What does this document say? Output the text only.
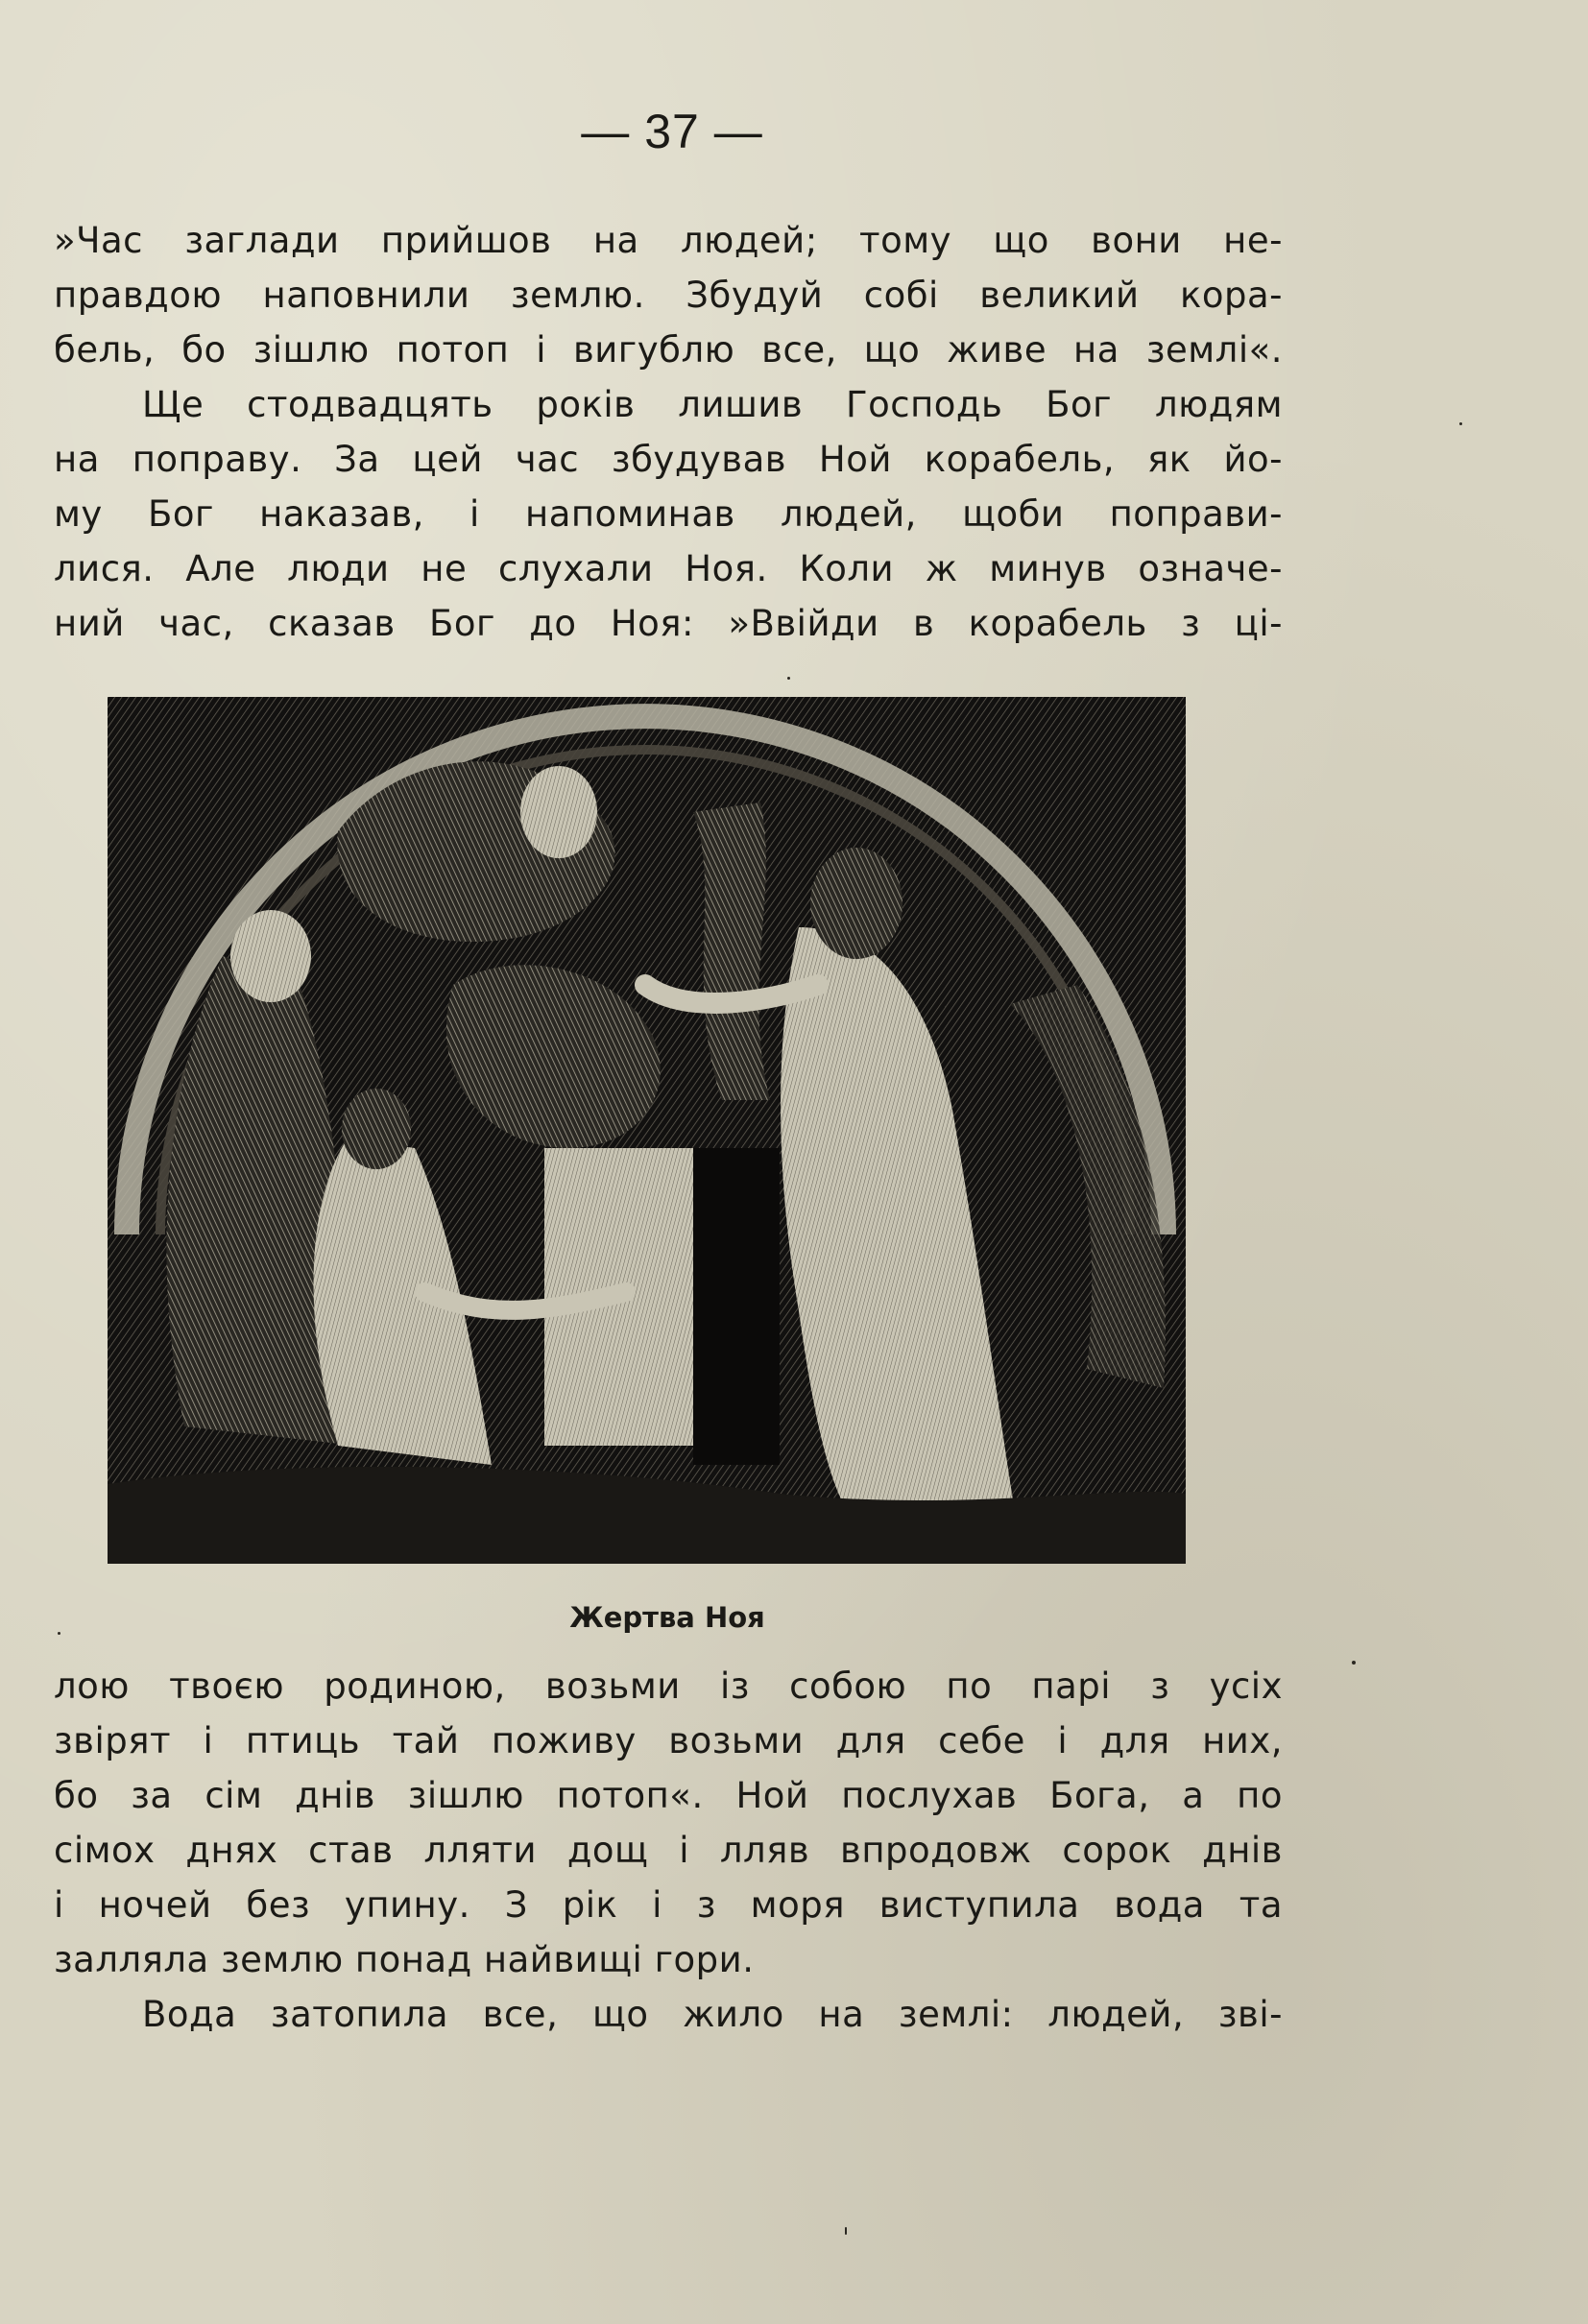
— 37 —
»Час заглади прийшов на людей; тому що вони не-
правдою наповнили землю. Збудуй собі великий кора-
бель, бо зішлю потоп і вигублю все, що живе на землі«.
Ще стодвадцять років лишив Господь Бог людям
на поправу. За цей час збудував Ной корабель, як йо-
му Бог наказав, і напоминав людей, щоби поправи-
лися. Але люди не слухали Ноя. Коли ж минув означе-
ний час, сказав Бог до Ноя: »Ввійди в корабель з ці-
Жертва Ноя
лою твоєю родиною, возьми із собою по парі з усіх
звірят і птиць тай поживу возьми для себе і для них,
бо за сім днів зішлю потоп«. Ной послухав Бога, а по
сімох днях став лляти дощ і лляв впродовж сорок днів
і ночей без упину. З рік і з моря виступила вода та
залляла землю понад найвищі гори.
Вода затопила все, що жило на землі: людей, зві-
